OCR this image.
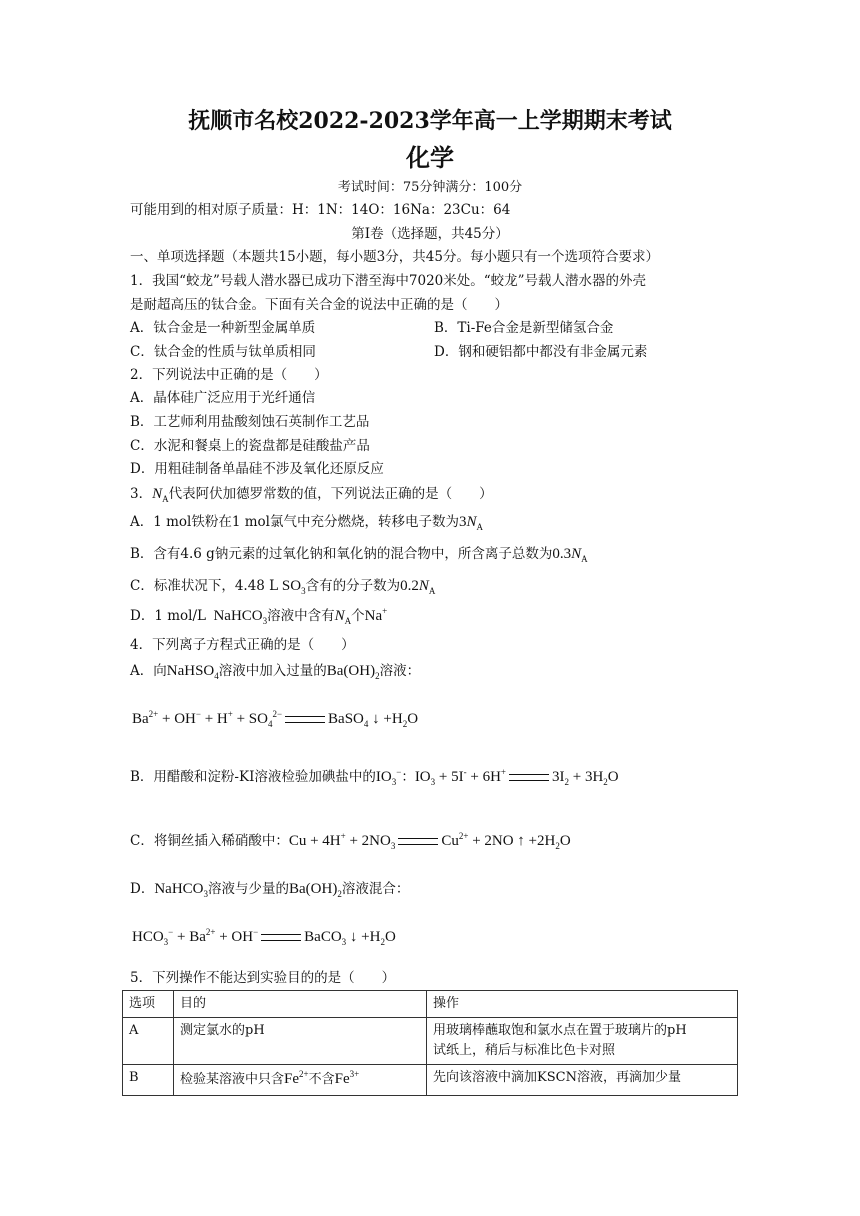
抚顺市名校2022-2023学年高一上学期期末考试
化学
考试时间：75分钟满分：100分
可能用到的相对原子质量：H：1N：14O：16Na：23Cu：64
第Ⅰ卷（选择题，共45分）
一、单项选择题（本题共15小题，每小题3分，共45分。每小题只有一个选项符合要求）
1．我国“蛟龙”号载人潜水器已成功下潜至海中7020米处。“蛟龙”号载人潜水器的外壳
是耐超高压的钛合金。下面有关合金的说法中正确的是（　　）
A．钛合金是一种新型金属单质	B．Ti-Fe合金是新型储氢合金
C．钛合金的性质与钛单质相同	D．钢和硬铝都中都没有非金属元素
2．下列说法中正确的是（　　）
A．晶体硅广泛应用于光纤通信
B．工艺师利用盐酸刻蚀石英制作工艺品
C．水泥和餐桌上的瓷盘都是硅酸盐产品
D．用粗硅制备单晶硅不涉及氧化还原反应
3．$N_A$代表阿伏加德罗常数的值，下列说法正确的是（　　）
A．1 mol铁粉在1 mol氯气中充分燃烧，转移电子数为$3N_A$
B．含有4.6 g钠元素的过氧化钠和氧化钠的混合物中，所含离子总数为$0.3N_A$
C．标准状况下，4.48 L $SO_3$含有的分子数为$0.2N_A$
D．1 mol/L  NaHCO$_3$溶液中含有$N_A$个Na+
4．下列离子方程式正确的是（　　）
A．向NaHSO$_4$溶液中加入过量的$Ba(OH)_2$溶液：
$Ba^{2+} + OH^- + H^+ + SO_4^{2-}$	BaSO$_4$ ↓ $+H_2O$
B．用醋酸和淀粉-KI溶液检验加碘盐中的$IO_3^-$：$IO_3 + 5I^- + 6H^+$	$3I_2 + 3H_2O$
C．将铜丝插入稀硝酸中：$Cu + 4H^+ + 2NO_3$	$Cu^{2+} + 2NO$ ↑ $+2H_2O$
D．NaHCO$_3$溶液与少量的$Ba(OH)_2$溶液混合：
$HCO_3^- + Ba^{2+} + OH^-$	BaCO$_3$ ↓ $+H_2O$
5．下列操作不能达到实验目的的是（　　）
选项	目的	操作
A	测定氯水的pH	用玻璃棒蘸取饱和氯水点在置于玻璃片的pH
试纸上，稍后与标准比色卡对照
B	检验某溶液中只含$Fe^{2+}$不含$Fe^{3+}$	先向该溶液中滴加KSCN溶液，再滴加少量
